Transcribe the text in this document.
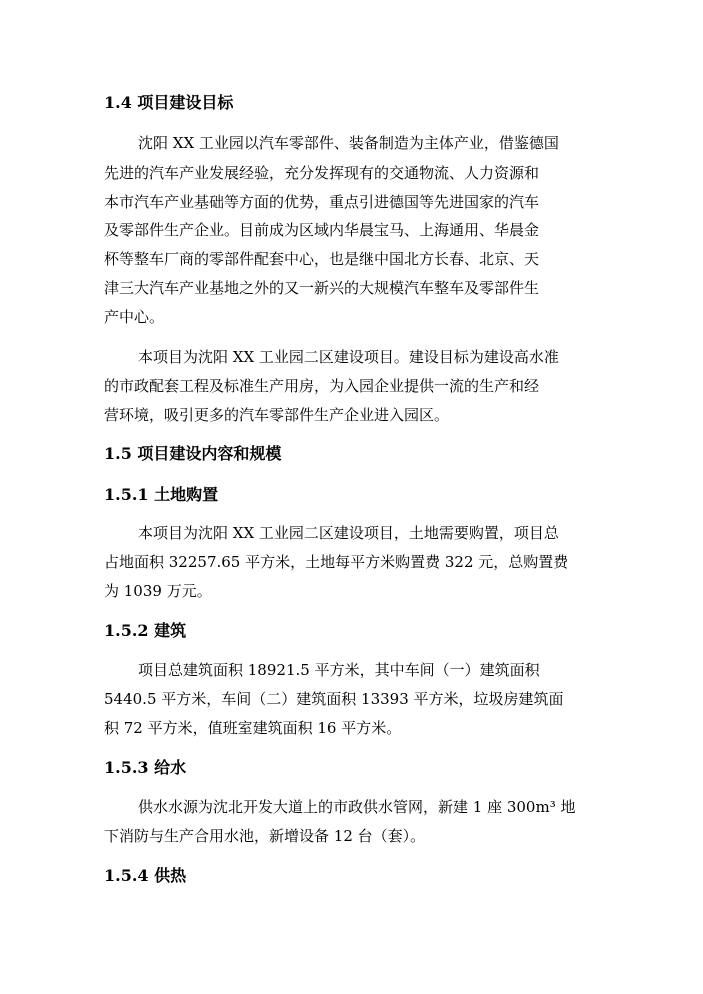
1.4 项目建设目标
沈阳 XX 工业园以汽车零部件、装备制造为主体产业，借鉴德国
先进的汽车产业发展经验，充分发挥现有的交通物流、人力资源和
本市汽车产业基础等方面的优势，重点引进德国等先进国家的汽车
及零部件生产企业。目前成为区域内华晨宝马、上海通用、华晨金
杯等整车厂商的零部件配套中心，也是继中国北方长春、北京、天
津三大汽车产业基地之外的又一新兴的大规模汽车整车及零部件生
产中心。
本项目为沈阳 XX 工业园二区建设项目。建设目标为建设高水准
的市政配套工程及标准生产用房，为入园企业提供一流的生产和经
营环境，吸引更多的汽车零部件生产企业进入园区。
1.5 项目建设内容和规模
1.5.1 土地购置
本项目为沈阳 XX 工业园二区建设项目，土地需要购置，项目总
占地面积 32257.65 平方米，土地每平方米购置费 322 元，总购置费
为 1039 万元。
1.5.2 建筑
项目总建筑面积 18921.5 平方米，其中车间（一）建筑面积
5440.5 平方米，车间（二）建筑面积 13393 平方米，垃圾房建筑面
积 72 平方米，值班室建筑面积 16 平方米。
1.5.3 给水
供水水源为沈北开发大道上的市政供水管网，新建 1 座 300m³ 地
下消防与生产合用水池，新增设备 12 台（套）。
1.5.4 供热
